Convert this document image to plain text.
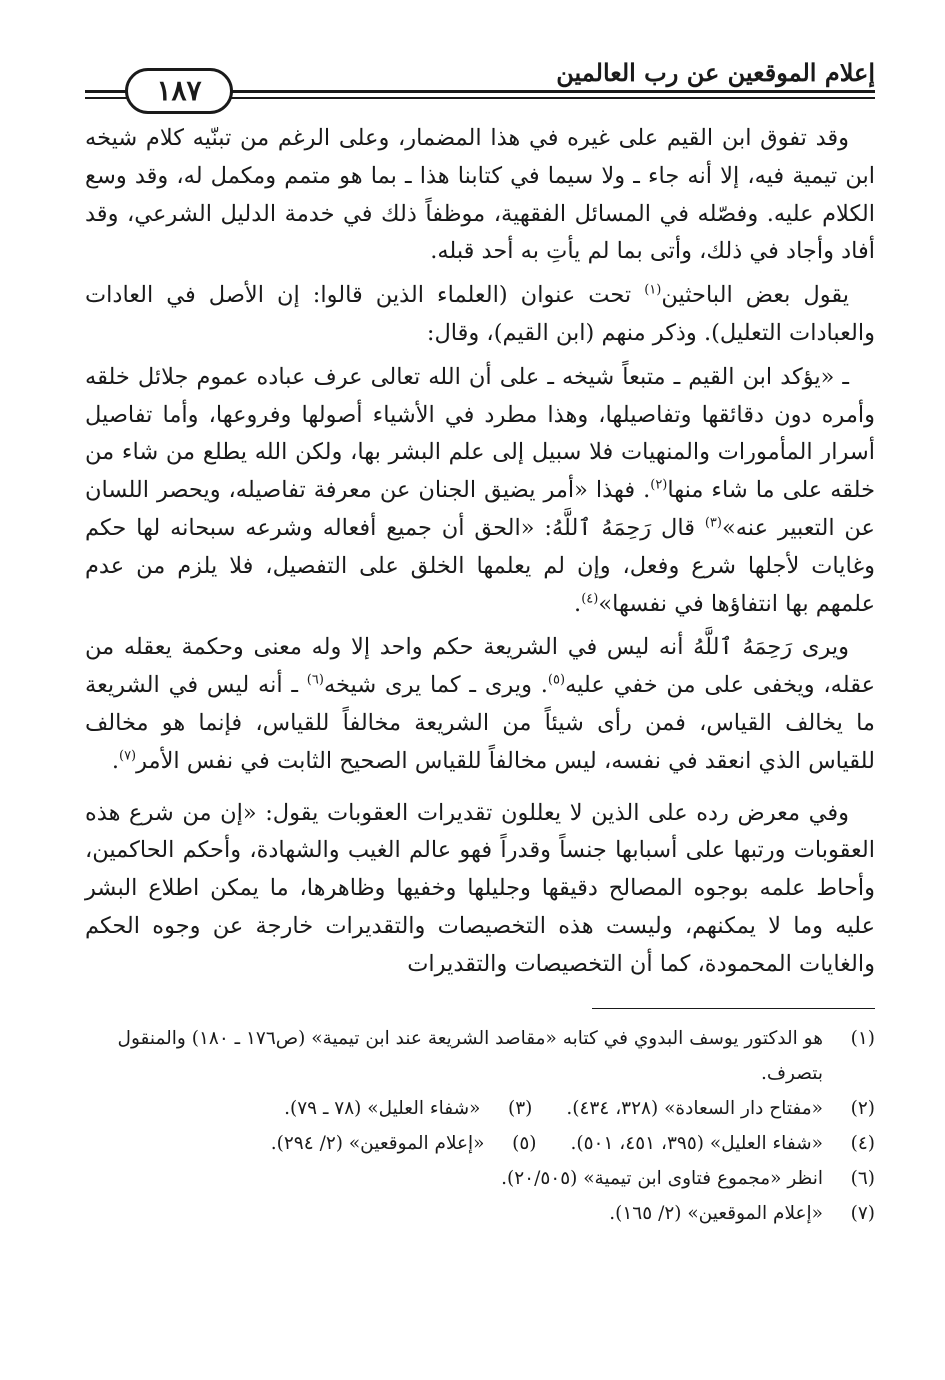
إعلام الموقعين عن رب العالمين
١٨٧

وقد تفوق ابن القيم على غيره في هذا المضمار، وعلى الرغم من تبنّيه كلام شيخه ابن تيمية فيه، إلا أنه جاء ـ ولا سيما في كتابنا هذا ـ بما هو متمم ومكمل له، وقد وسع الكلام عليه. وفصّله في المسائل الفقهية، موظفاً ذلك في خدمة الدليل الشرعي، وقد أفاد وأجاد في ذلك، وأتى بما لم يأتِ به أحد قبله.

يقول بعض الباحثين$^{(١)}$ تحت عنوان (العلماء الذين قالوا: إن الأصل في العادات والعبادات التعليل). وذكر منهم (ابن القيم)، وقال:

ـ «يؤكد ابن القيم ـ متبعاً شيخه ـ على أن الله تعالى عرف عباده عموم جلائل خلقه وأمره دون دقائقها وتفاصيلها، وهذا مطرد في الأشياء أصولها وفروعها، وأما تفاصيل أسرار المأمورات والمنهيات فلا سبيل إلى علم البشر بها، ولكن الله يطلع من شاء من خلقه على ما شاء منها$^{(٢)}$. فهذا «أمر يضيق الجنان عن معرفة تفاصيله، ويحصر اللسان عن التعبير عنه»$^{(٣)}$ قال رَحِمَهُ ٱللَّهُ: «الحق أن جميع أفعاله وشرعه سبحانه لها حكم وغايات لأجلها شرع وفعل، وإن لم يعلمها الخلق على التفصيل، فلا يلزم من عدم علمهم بها انتفاؤها في نفسها»$^{(٤)}$.

ويرى رَحِمَهُ ٱللَّهُ أنه ليس في الشريعة حكم واحد إلا وله معنى وحكمة يعقله من عقله، ويخفى على من خفي عليه$^{(٥)}$. ويرى ـ كما يرى شيخه$^{(٦)}$ ـ أنه ليس في الشريعة ما يخالف القياس، فمن رأى شيئاً من الشريعة مخالفاً للقياس، فإنما هو مخالف للقياس الذي انعقد في نفسه، ليس مخالفاً للقياس الصحيح الثابت في نفس الأمر$^{(٧)}$.

وفي معرض رده على الذين لا يعللون تقديرات العقوبات يقول: «إن من شرع هذه العقوبات ورتبها على أسبابها جنساً وقدراً فهو عالم الغيب والشهادة، وأحكم الحاكمين، وأحاط علمه بوجوه المصالح دقيقها وجليلها وخفيها وظاهرها، ما يمكن اطلاع البشر عليه وما لا يمكنهم، وليست هذه التخصيصات والتقديرات خارجة عن وجوه الحكم والغايات المحمودة، كما أن التخصيصات والتقديرات

(١)
هو الدكتور يوسف البدوي في كتابه «مقاصد الشريعة عند ابن تيمية» (ص١٧٦ ـ ١٨٠) والمنقول بتصرف.
(٢)«مفتاح دار السعادة» (٣٢٨، ٤٣٤).
(٣)«شفاء العليل» (٧٨ ـ ٧٩).
(٤)«شفاء العليل» (٣٩٥، ٤٥١، ٥٠١).
(٥)«إعلام الموقعين» (٢/ ٢٩٤).
(٦)
انظر «مجموع فتاوى ابن تيمية» (٢٠/٥٠٥).
(٧)
«إعلام الموقعين» (٢/ ١٦٥).
